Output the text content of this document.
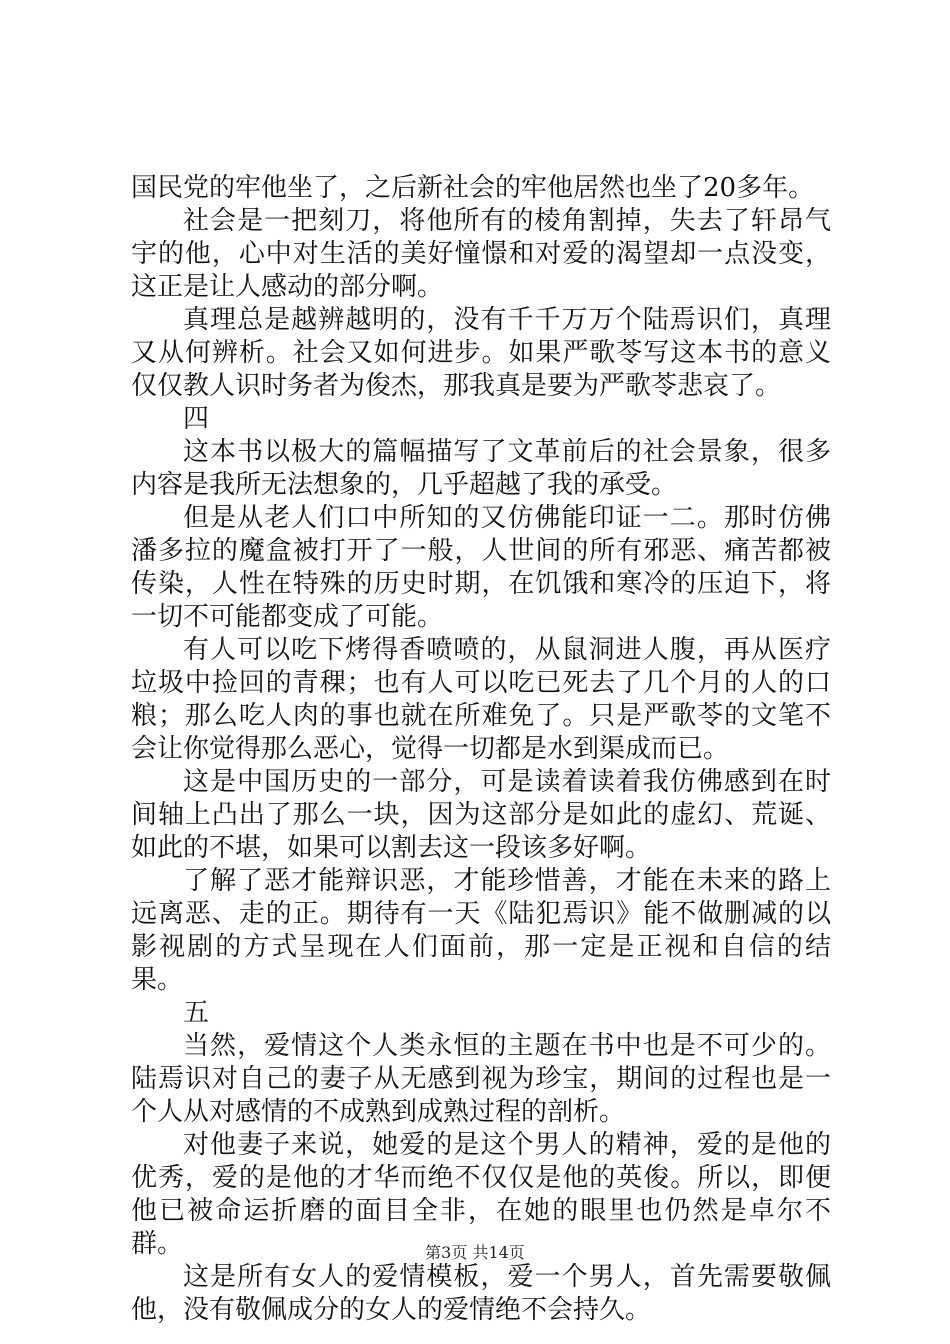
国民党的牢他坐了，之后新社会的牢他居然也坐了20多年。

社会是一把刻刀，将他所有的棱角割掉，失去了轩昂气宇的他，心中对生活的美好憧憬和对爱的渴望却一点没变，这正是让人感动的部分啊。

真理总是越辨越明的，没有千千万万个陆焉识们，真理又从何辨析。社会又如何进步。如果严歌苓写这本书的意义仅仅教人识时务者为俊杰，那我真是要为严歌苓悲哀了。

四

这本书以极大的篇幅描写了文革前后的社会景象，很多内容是我所无法想象的，几乎超越了我的承受。

但是从老人们口中所知的又仿佛能印证一二。那时仿佛潘多拉的魔盒被打开了一般，人世间的所有邪恶、痛苦都被传染，人性在特殊的历史时期，在饥饿和寒冷的压迫下，将一切不可能都变成了可能。

有人可以吃下烤得香喷喷的，从鼠洞进人腹，再从医疗垃圾中捡回的青稞；也有人可以吃已死去了几个月的人的口粮；那么吃人肉的事也就在所难免了。只是严歌苓的文笔不会让你觉得那么恶心，觉得一切都是水到渠成而已。

这是中国历史的一部分，可是读着读着我仿佛感到在时间轴上凸出了那么一块，因为这部分是如此的虚幻、荒诞、如此的不堪，如果可以割去这一段该多好啊。

了解了恶才能辩识恶，才能珍惜善，才能在未来的路上远离恶、走的正。期待有一天《陆犯焉识》能不做删减的以影视剧的方式呈现在人们面前，那一定是正视和自信的结果。

五

当然，爱情这个人类永恒的主题在书中也是不可少的。陆焉识对自己的妻子从无感到视为珍宝，期间的过程也是一个人从对感情的不成熟到成熟过程的剖析。

对他妻子来说，她爱的是这个男人的精神，爱的是他的优秀，爱的是他的才华而绝不仅仅是他的英俊。所以，即便他已被命运折磨的面目全非，在她的眼里也仍然是卓尔不群。

这是所有女人的爱情模板，爱一个男人，首先需要敬佩他，没有敬佩成分的女人的爱情绝不会持久。

第3页 共14页
